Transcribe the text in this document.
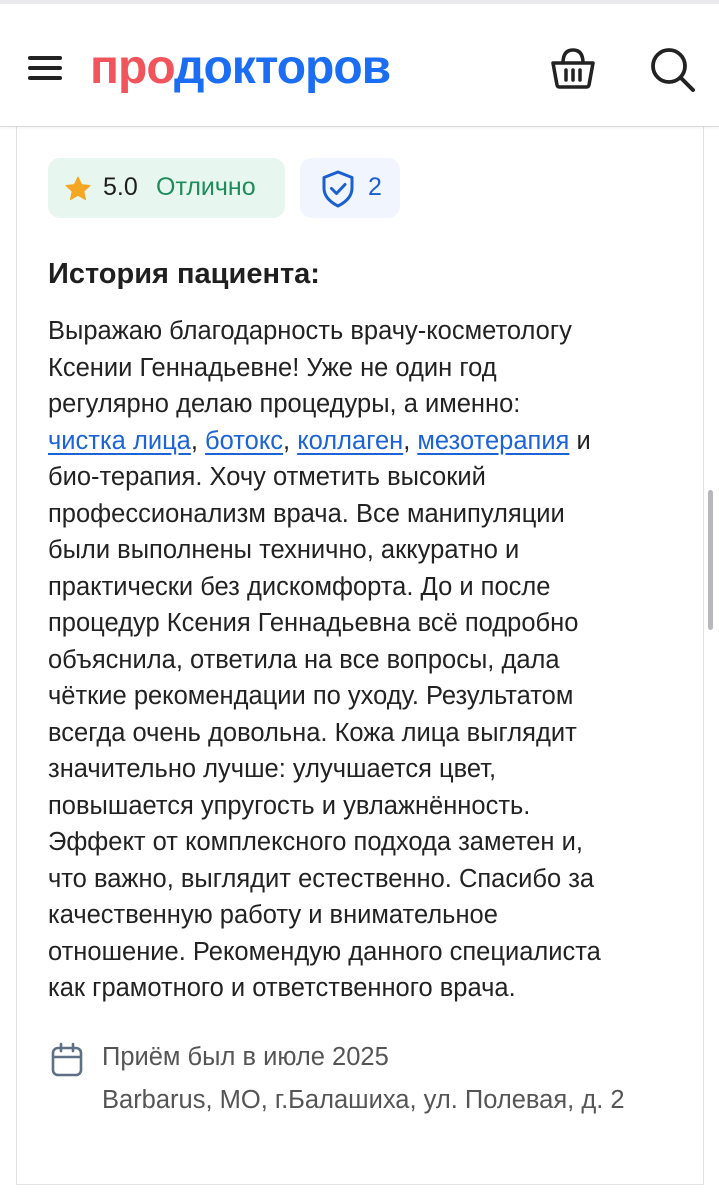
продокторов
5.0 Отлично	2
История пациента:

Выражаю благодарность врачу-косметологу

Ксении Геннадьевне! Уже не один год

регулярно делаю процедуры, а именно:

чистка лица, ботокс, коллаген, мезотерапия и

био-терапия. Хочу отметить высокий

профессионализм врача. Все манипуляции

были выполнены технично, аккуратно и

практически без дискомфорта. До и после

процедур Ксения Геннадьевна всё подробно

объяснила, ответила на все вопросы, дала

чёткие рекомендации по уходу. Результатом

всегда очень довольна. Кожа лица выглядит

значительно лучше: улучшается цвет,

повышается упругость и увлажнённость.

Эффект от комплексного подхода заметен и,

что важно, выглядит естественно. Спасибо за

качественную работу и внимательное

отношение. Рекомендую данного специалиста

как грамотного и ответственного врача.

Приём был в июле 2025
Barbarus, МО, г.Балашиха, ул. Полевая, д. 2
